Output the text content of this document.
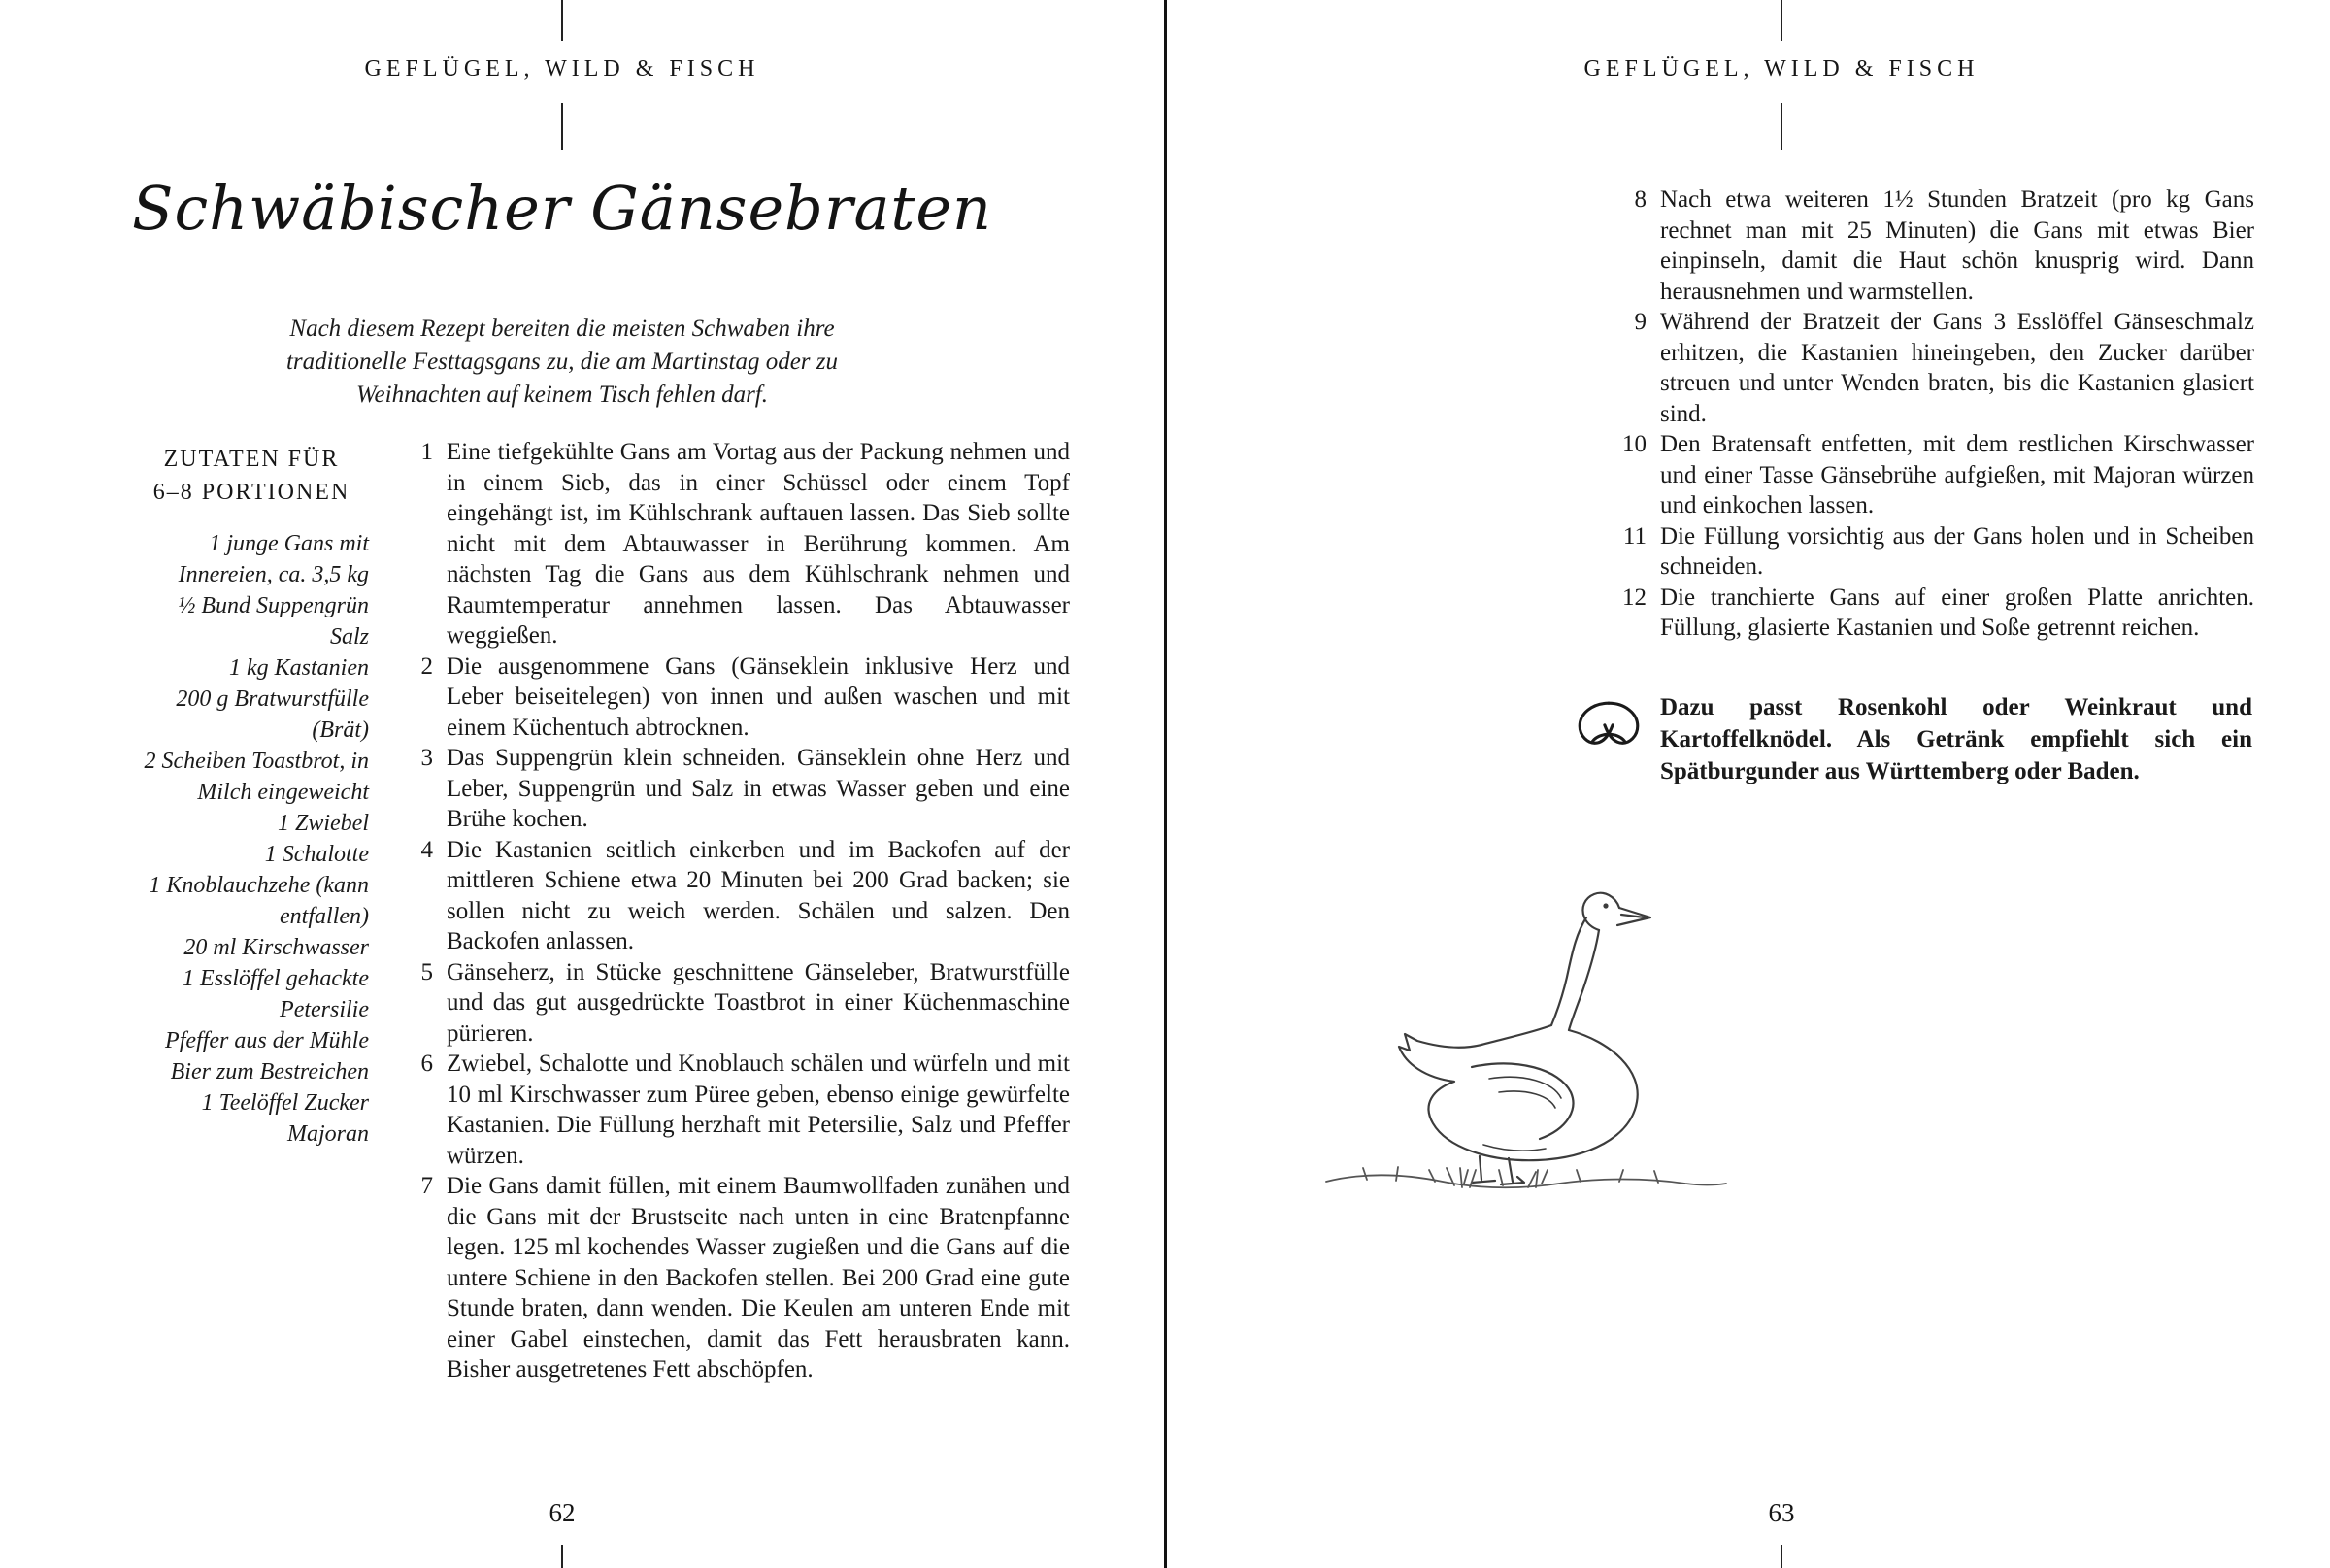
GEFLÜGEL, WILD & FISCH
Schwäbischer Gänsebraten

Nach diesem Rezept bereiten die meisten Schwaben ihre traditionelle Festtagsgans zu, die am Martinstag oder zu Weihnachten auf keinem Tisch fehlen darf.

ZUTATEN FÜR
6–8 PORTIONEN
1 junge Gans mit Innereien, ca. 3,5 kg
½ Bund Suppengrün
Salz
1 kg Kastanien
200 g Bratwurstfülle (Brät)
2 Scheiben Toastbrot, in Milch eingeweicht
1 Zwiebel
1 Schalotte
1 Knoblauchzehe (kann entfallen)
20 ml Kirschwasser
1 Esslöffel gehackte Petersilie
Pfeffer aus der Mühle
Bier zum Bestreichen
1 Teelöffel Zucker
Majoran
1 Eine tiefgekühlte Gans am Vortag aus der Packung nehmen und in einem Sieb, das in einer Schüssel oder einem Topf eingehängt ist, im Kühlschrank auftauen lassen. Das Sieb sollte nicht mit dem Abtauwasser in Berührung kommen. Am nächsten Tag die Gans aus dem Kühlschrank nehmen und Raumtemperatur annehmen lassen. Das Abtauwasser weggießen.
2 Die ausgenommene Gans (Gänseklein inklusive Herz und Leber beiseitelegen) von innen und außen waschen und mit einem Küchentuch abtrocknen.
3 Das Suppengrün klein schneiden. Gänseklein ohne Herz und Leber, Suppengrün und Salz in etwas Wasser geben und eine Brühe kochen.
4 Die Kastanien seitlich einkerben und im Backofen auf der mittleren Schiene etwa 20 Minuten bei 200 Grad backen; sie sollen nicht zu weich werden. Schälen und salzen. Den Backofen anlassen.
5 Gänseherz, in Stücke geschnittene Gänseleber, Bratwurstfülle und das gut ausgedrückte Toastbrot in einer Küchenmaschine pürieren.
6 Zwiebel, Schalotte und Knoblauch schälen und würfeln und mit 10 ml Kirschwasser zum Püree geben, ebenso einige gewürfelte Kastanien. Die Füllung herzhaft mit Petersilie, Salz und Pfeffer würzen.
7 Die Gans damit füllen, mit einem Baumwollfaden zunähen und die Gans mit der Brustseite nach unten in eine Bratenpfanne legen. 125 ml kochendes Wasser zugießen und die Gans auf die untere Schiene in den Backofen stellen. Bei 200 Grad eine gute Stunde braten, dann wenden. Die Keulen am unteren Ende mit einer Gabel einstechen, damit das Fett herausbraten kann. Bisher ausgetretenes Fett abschöpfen.
62
GEFLÜGEL, WILD & FISCH
8 Nach etwa weiteren 1½ Stunden Bratzeit (pro kg Gans rechnet man mit 25 Minuten) die Gans mit etwas Bier einpinseln, damit die Haut schön knusprig wird. Dann herausnehmen und warmstellen.
9 Während der Bratzeit der Gans 3 Esslöffel Gänseschmalz erhitzen, die Kastanien hineingeben, den Zucker darüber streuen und unter Wenden braten, bis die Kastanien glasiert sind.
10 Den Bratensaft entfetten, mit dem restlichen Kirschwasser und einer Tasse Gänsebrühe aufgießen, mit Majoran würzen und einkochen lassen.
11 Die Füllung vorsichtig aus der Gans holen und in Scheiben schneiden.
12 Die tranchierte Gans auf einer großen Platte anrichten. Füllung, glasierte Kastanien und Soße getrennt reichen.
Dazu passt Rosenkohl oder Weinkraut und Kartoffelknödel. Als Getränk empfiehlt sich ein Spätburgunder aus Württemberg oder Baden.
63
